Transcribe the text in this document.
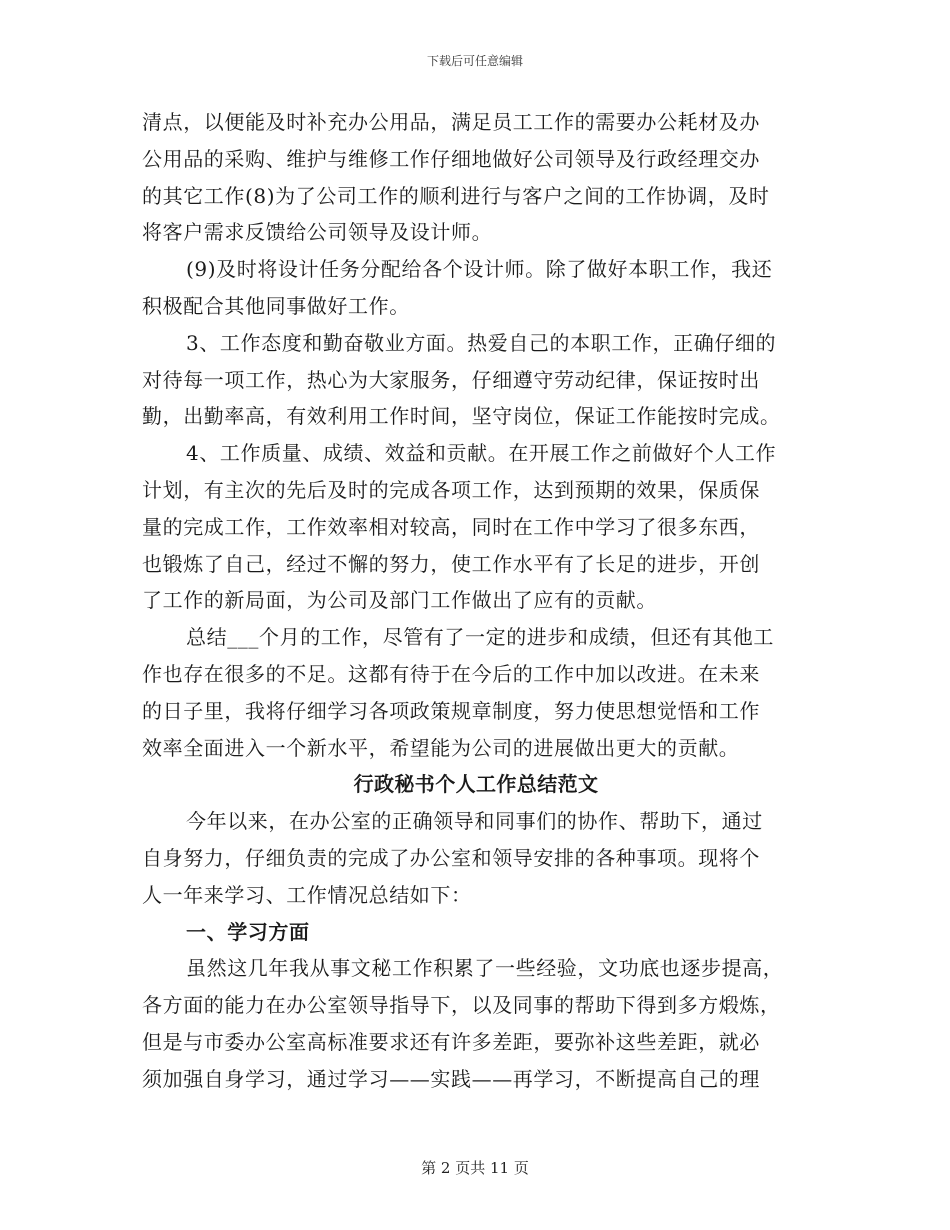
下载后可任意编辑
清点，以便能及时补充办公用品，满足员工工作的需要办公耗材及办
公用品的采购、维护与维修工作仔细地做好公司领导及行政经理交办
的其它工作(8)为了公司工作的顺利进行与客户之间的工作协调，及时
将客户需求反馈给公司领导及设计师。
(9)及时将设计任务分配给各个设计师。除了做好本职工作，我还
积极配合其他同事做好工作。
3、工作态度和勤奋敬业方面。热爱自己的本职工作，正确仔细的
对待每一项工作，热心为大家服务，仔细遵守劳动纪律，保证按时出
勤，出勤率高，有效利用工作时间，坚守岗位，保证工作能按时完成。
4、工作质量、成绩、效益和贡献。在开展工作之前做好个人工作
计划，有主次的先后及时的完成各项工作，达到预期的效果，保质保
量的完成工作，工作效率相对较高，同时在工作中学习了很多东西，
也锻炼了自己，经过不懈的努力，使工作水平有了长足的进步，开创
了工作的新局面，为公司及部门工作做出了应有的贡献。
总结___个月的工作，尽管有了一定的进步和成绩，但还有其他工
作也存在很多的不足。这都有待于在今后的工作中加以改进。在未来
的日子里，我将仔细学习各项政策规章制度，努力使思想觉悟和工作
效率全面进入一个新水平，希望能为公司的进展做出更大的贡献。
行政秘书个人工作总结范文
今年以来，在办公室的正确领导和同事们的协作、帮助下，通过
自身努力，仔细负责的完成了办公室和领导安排的各种事项。现将个
人一年来学习、工作情况总结如下：
一、学习方面
虽然这几年我从事文秘工作积累了一些经验，文功底也逐步提高，
各方面的能力在办公室领导指导下，以及同事的帮助下得到多方煅炼，
但是与市委办公室高标准要求还有许多差距，要弥补这些差距，就必
须加强自身学习，通过学习——实践——再学习，不断提高自己的理
第 2 页共 11 页
